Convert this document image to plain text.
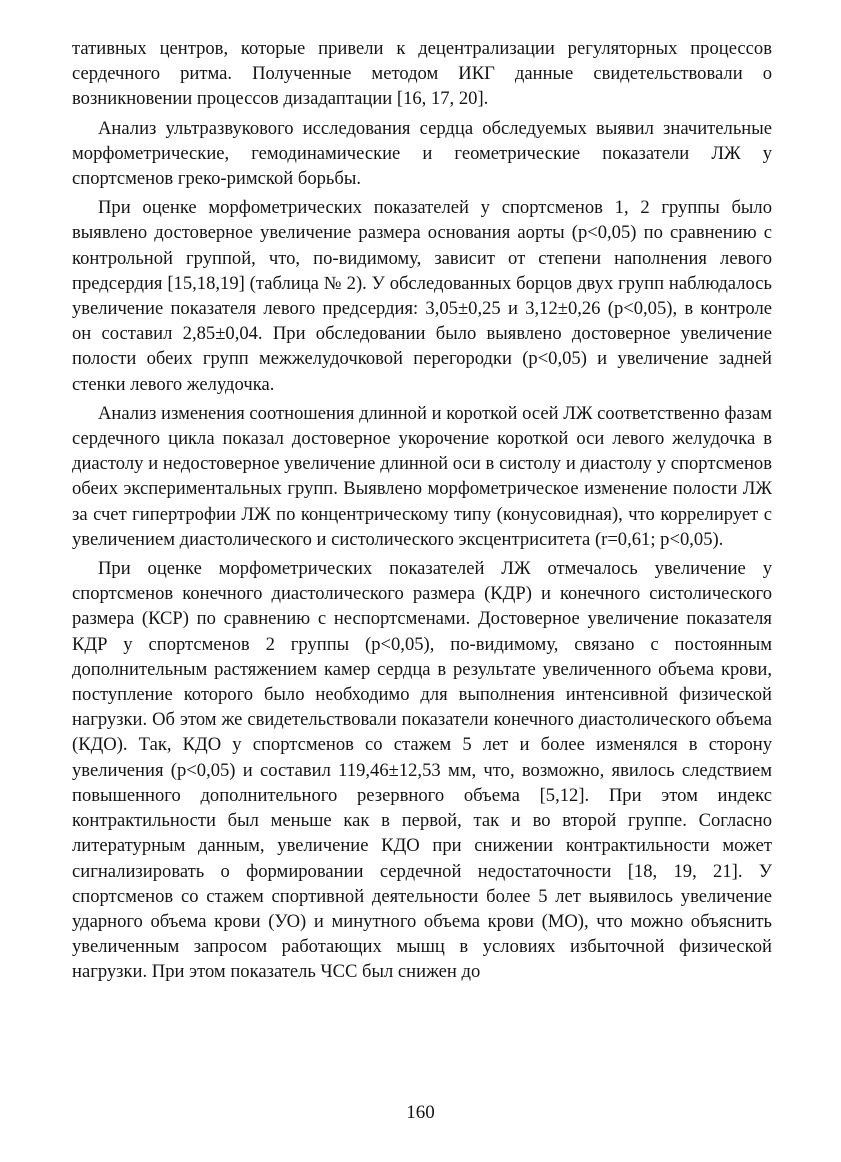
тативных центров, которые привели к децентрализации регуляторных процессов сердечного ритма. Полученные методом ИКГ данные свидетельствовали о возникновении процессов дизадаптации [16, 17, 20].

Анализ ультразвукового исследования сердца обследуемых выявил значительные морфометрические, гемодинамические и геометрические показатели ЛЖ у спортсменов греко-римской борьбы.

При оценке морфометрических показателей у спортсменов 1, 2 группы было выявлено достоверное увеличение размера основания аорты (p<0,05) по сравнению с контрольной группой, что, по-видимому, зависит от степени наполнения левого предсердия [15,18,19] (таблица № 2). У обследованных борцов двух групп наблюдалось увеличение показателя левого предсердия: 3,05±0,25 и 3,12±0,26 (p<0,05), в контроле он составил 2,85±0,04. При обследовании было выявлено достоверное увеличение полости обеих групп межжелудочковой перегородки (p<0,05) и увеличение задней стенки левого желудочка.

Анализ изменения соотношения длинной и короткой осей ЛЖ соответственно фазам сердечного цикла показал достоверное укорочение короткой оси левого желудочка в диастолу и недостоверное увеличение длинной оси в систолу и диастолу у спортсменов обеих экспериментальных групп. Выявлено морфометрическое изменение полости ЛЖ за счет гипертрофии ЛЖ по концентрическому типу (конусовидная), что коррелирует с увеличением диастолического и систолического эксцентриситета (r=0,61; p<0,05).

При оценке морфометрических показателей ЛЖ отмечалось увеличение у спортсменов конечного диастолического размера (КДР) и конечного систолического размера (КСР) по сравнению с неспортсменами. Достоверное увеличение показателя КДР у спортсменов 2 группы (p<0,05), по-видимому, связано с постоянным дополнительным растяжением камер сердца в результате увеличенного объема крови, поступление которого было необходимо для выполнения интенсивной физической нагрузки. Об этом же свидетельствовали показатели конечного диастолического объема (КДО). Так, КДО у спортсменов со стажем 5 лет и более изменялся в сторону увеличения (p<0,05) и составил 119,46±12,53 мм, что, возможно, явилось следствием повышенного дополнительного резервного объема [5,12]. При этом индекс контрактильности был меньше как в первой, так и во второй группе. Согласно литературным данным, увеличение КДО при снижении контрактильности может сигнализировать о формировании сердечной недостаточности [18, 19, 21]. У спортсменов со стажем спортивной деятельности более 5 лет выявилось увеличение ударного объема крови (УО) и минутного объема крови (МО), что можно объяснить увеличенным запросом работающих мышц в условиях избыточной физической нагрузки. При этом показатель ЧСС был снижен до

160
